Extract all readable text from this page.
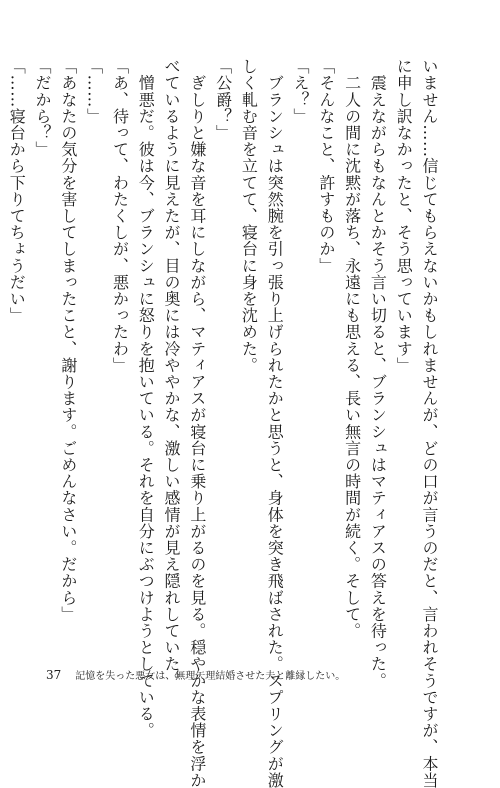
いません……信じてもらえないかもしれませんが、どの口が言うのだと、言われそうですが、本当

に申し訳なかったと、そう思っています」

　震えながらもなんとかそう言い切ると、ブランシュはマティアスの答えを待った。

　二人の間に沈黙が落ち、永遠にも思える、長い無言の時間が続く。そして。

「そんなこと、許すものか」

「え？」

　ブランシュは突然腕を引っ張り上げられたかと思うと、身体を突き飛ばされた。スプリングが激

しく軋む音を立てて、寝台に身を沈めた。

「公爵？」

　ぎしりと嫌な音を耳にしながら、マティアスが寝台に乗り上がるのを見る。穏やかな表情を浮か

べているように見えたが、目の奥には冷ややかな、激しい感情が見え隠れしていた。

　憎悪だ。彼は今、ブランシュに怒りを抱いている。それを自分にぶつけようとしている。

「あ、待って、わたくしが、悪かったわ」

「……」

「あなたの気分を害してしまったこと、謝ります。ごめんなさい。だから」

「だから？」

「……寝台から下りてちょうだい」

37 記憶を失った悪女は、無理矢理結婚させた夫と離縁したい。
